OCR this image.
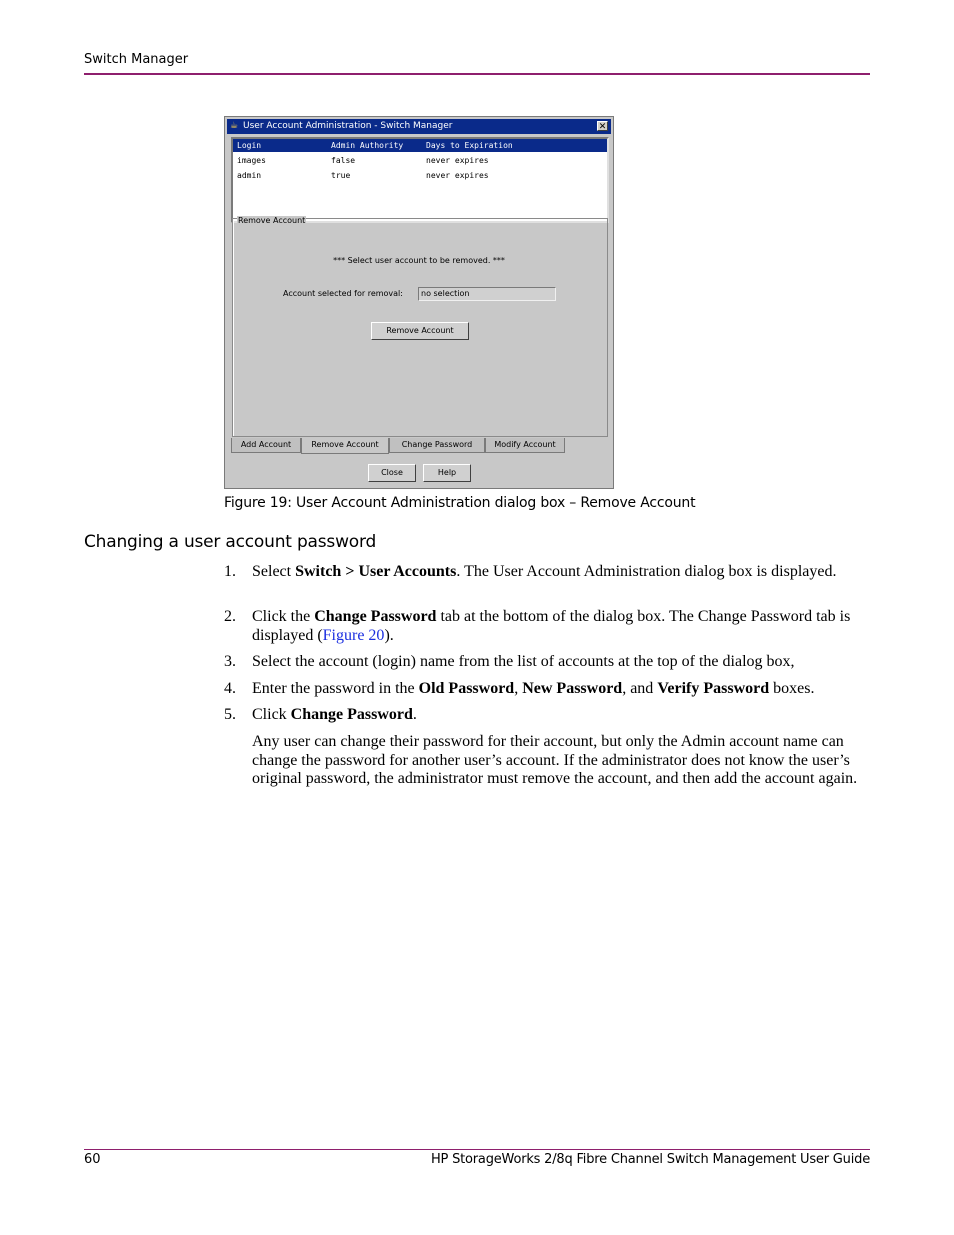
Switch Manager
☕ User Account Administration - Switch Manager	✕
Login	Admin Authority	Days to Expiration
images	false	never expires
admin	true	never expires
Remove Account
*** Select user account to be removed. ***
Account selected for removal:	no selection
Remove Account
Add Account	Remove Account	Change Password	Modify Account
Close	Help
Figure 19: User Account Administration dialog box – Remove Account
Changing a user account password
1. Select Switch > User Accounts. The User Account Administration dialog box is displayed.
2. Click the Change Password tab at the bottom of the dialog box. The Change Password tab is displayed (Figure 20).
3. Select the account (login) name from the list of accounts at the top of the dialog box,
4. Enter the password in the Old Password, New Password, and Verify Password boxes.
5. Click Change Password.
Any user can change their password for their account, but only the Admin account name can change the password for another user’s account. If the administrator does not know the user’s original password, the administrator must remove the account, and then add the account again.
60	HP StorageWorks 2/8q Fibre Channel Switch Management User Guide
